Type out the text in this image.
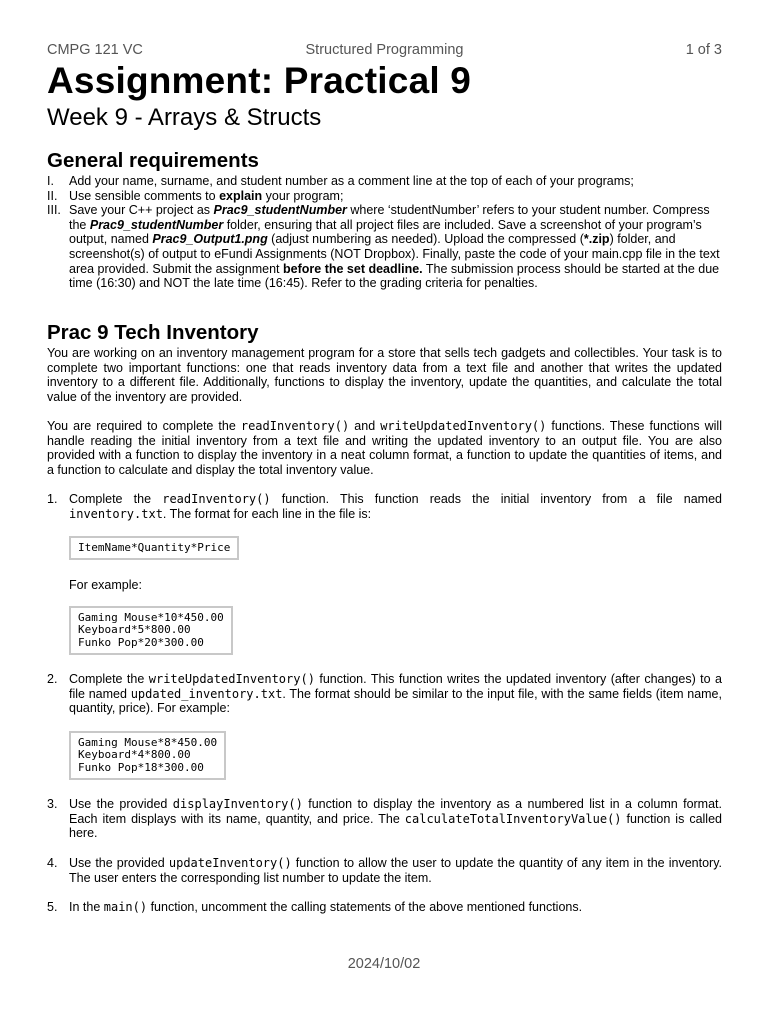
Structured Programming
CMPG 121 VC	1 of 3
Assignment: Practical 9
Week 9 - Arrays & Structs
General requirements
I. Add your name, surname, and student number as a comment line at the top of each of your programs;
II. Use sensible comments to explain your program;
III. Save your C++ project as Prac9_studentNumber where ‘studentNumber’ refers to your student number. Compress the Prac9_studentNumber folder, ensuring that all project files are included. Save a screenshot of your program’s output, named Prac9_Output1.png (adjust numbering as needed). Upload the compressed (*.zip) folder, and screenshot(s) of output to eFundi Assignments (NOT Dropbox). Finally, paste the code of your main.cpp file in the text area provided. Submit the assignment before the set deadline. The submission process should be started at the due time (16:30) and NOT the late time (16:45). Refer to the grading criteria for penalties.
Prac 9 Tech Inventory

You are working on an inventory management program for a store that sells tech gadgets and collectibles. Your task is to complete two important functions: one that reads inventory data from a text file and another that writes the updated inventory to a different file. Additionally, functions to display the inventory, update the quantities, and calculate the total value of the inventory are provided.

You are required to complete the readInventory() and writeUpdatedInventory() functions. These functions will handle reading the initial inventory from a text file and writing the updated inventory to an output file. You are also provided with a function to display the inventory in a neat column format, a function to update the quantities of items, and a function to calculate and display the total inventory value.

1. Complete the readInventory() function. This function reads the initial inventory from a file named inventory.txt. The format for each line in the file is:
ItemName*Quantity*Price
For example:
Gaming Mouse*10*450.00
Keyboard*5*800.00
Funko Pop*20*300.00
2. Complete the writeUpdatedInventory() function. This function writes the updated inventory (after changes) to a file named updated_inventory.txt. The format should be similar to the input file, with the same fields (item name, quantity, price). For example:
Gaming Mouse*8*450.00
Keyboard*4*800.00
Funko Pop*18*300.00
3. Use the provided displayInventory() function to display the inventory as a numbered list in a column format. Each item displays with its name, quantity, and price. The calculateTotalInventoryValue() function is called here.
4. Use the provided updateInventory() function to allow the user to update the quantity of any item in the inventory. The user enters the corresponding list number to update the item.
5. In the main() function, uncomment the calling statements of the above mentioned functions.
2024/10/02
